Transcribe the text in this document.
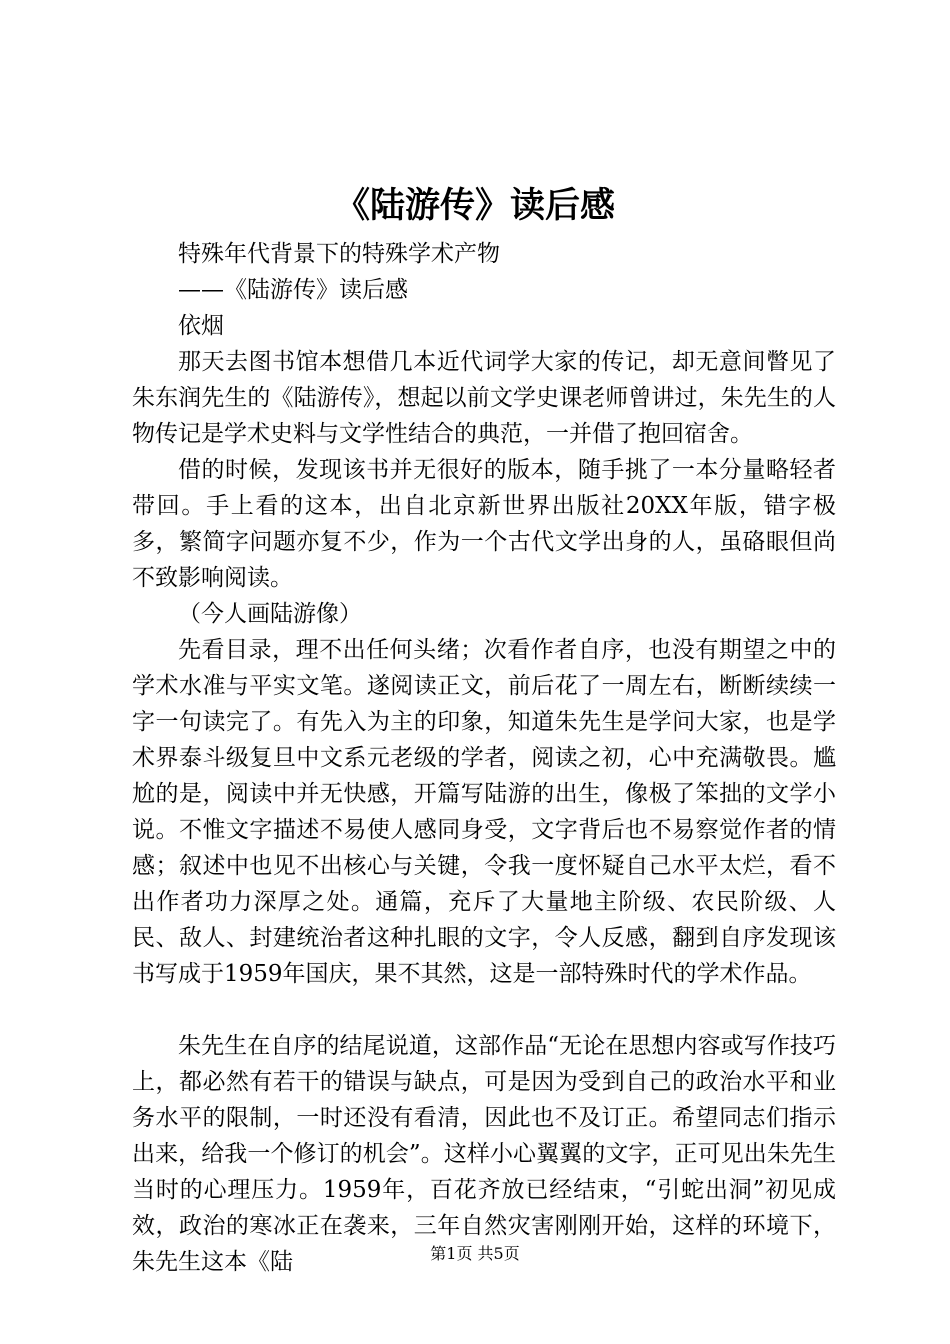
《陆游传》读后感

特殊年代背景下的特殊学术产物

——《陆游传》读后感

依烟

那天去图书馆本想借几本近代词学大家的传记，却无意间瞥见了朱东润先生的《陆游传》，想起以前文学史课老师曾讲过，朱先生的人物传记是学术史料与文学性结合的典范，一并借了抱回宿舍。

借的时候，发现该书并无很好的版本，随手挑了一本分量略轻者带回。手上看的这本，出自北京新世界出版社20XX年版，错字极多，繁简字问题亦复不少，作为一个古代文学出身的人，虽硌眼但尚不致影响阅读。

（今人画陆游像）

先看目录，理不出任何头绪；次看作者自序，也没有期望之中的学术水准与平实文笔。遂阅读正文，前后花了一周左右，断断续续一字一句读完了。有先入为主的印象，知道朱先生是学问大家，也是学术界泰斗级复旦中文系元老级的学者，阅读之初，心中充满敬畏。尴尬的是，阅读中并无快感，开篇写陆游的出生，像极了笨拙的文学小说。不惟文字描述不易使人感同身受，文字背后也不易察觉作者的情感；叙述中也见不出核心与关键，令我一度怀疑自己水平太烂，看不出作者功力深厚之处。通篇，充斥了大量地主阶级、农民阶级、人民、敌人、封建统治者这种扎眼的文字，令人反感，翻到自序发现该书写成于1959年国庆，果不其然，这是一部特殊时代的学术作品。

朱先生在自序的结尾说道，这部作品“无论在思想内容或写作技巧上，都必然有若干的错误与缺点，可是因为受到自己的政治水平和业务水平的限制，一时还没有看清，因此也不及订正。希望同志们指示出来，给我一个修订的机会”。这样小心翼翼的文字，正可见出朱先生当时的心理压力。1959年，百花齐放已经结束，“引蛇出洞”初见成效，政治的寒冰正在袭来，三年自然灾害刚刚开始，这样的环境下，朱先生这本《陆	第1页 共5页
